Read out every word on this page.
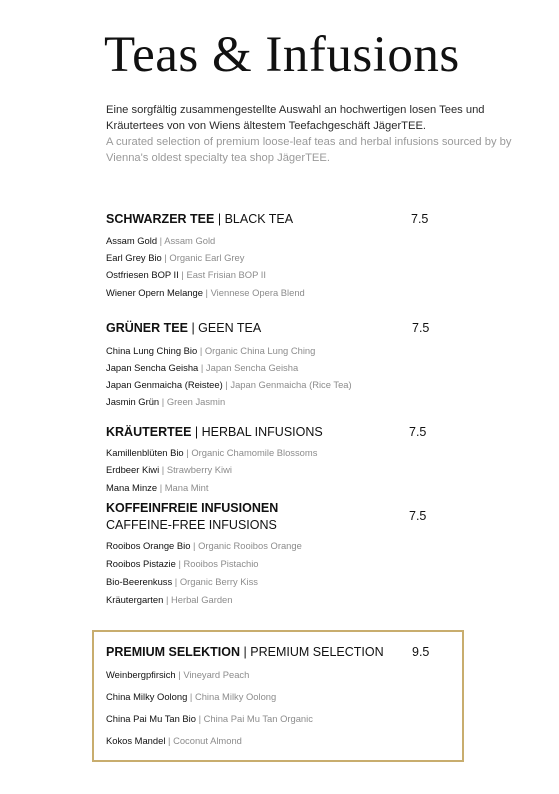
Teas & Infusions
Eine sorgfältig zusammengestellte Auswahl an hochwertigen losen Tees und Kräutertees von von Wiens ältestem Teefachgeschäft JägerTEE.
A curated selection of premium loose-leaf teas and herbal infusions sourced by by Vienna's oldest specialty tea shop JägerTEE.
SCHWARZER TEE | BLACK TEA
Assam Gold | Assam Gold
Earl Grey Bio | Organic Earl Grey
Ostfriesen BOP II | East Frisian BOP II
Wiener Opern Melange | Viennese Opera Blend
7.5
GRÜNER TEE | GEEN TEA
China Lung Ching Bio | Organic China Lung Ching
Japan Sencha Geisha | Japan Sencha Geisha
Japan Genmaicha (Reistee) | Japan Genmaicha (Rice Tea)
Jasmin Grün | Green Jasmin
7.5
KRÄUTERTEE | HERBAL INFUSIONS
Kamillenblüten Bio | Organic Chamomile Blossoms
Erdbeer Kiwi | Strawberry Kiwi
Mana Minze | Mana Mint
7.5
KOFFEINFREIE INFUSIONEN
CAFFEINE-FREE INFUSIONS
Rooibos Orange Bio | Organic Rooibos Orange
Rooibos Pistazie | Rooibos Pistachio
Bio-Beerenkuss | Organic Berry Kiss
Kräutergarten | Herbal Garden
7.5
PREMIUM SELEKTION | PREMIUM SELECTION
Weinbergpfirsich | Vineyard Peach
China Milky Oolong | China Milky Oolong
China Pai Mu Tan Bio | China Pai Mu Tan Organic
Kokos Mandel | Coconut Almond
9.5
